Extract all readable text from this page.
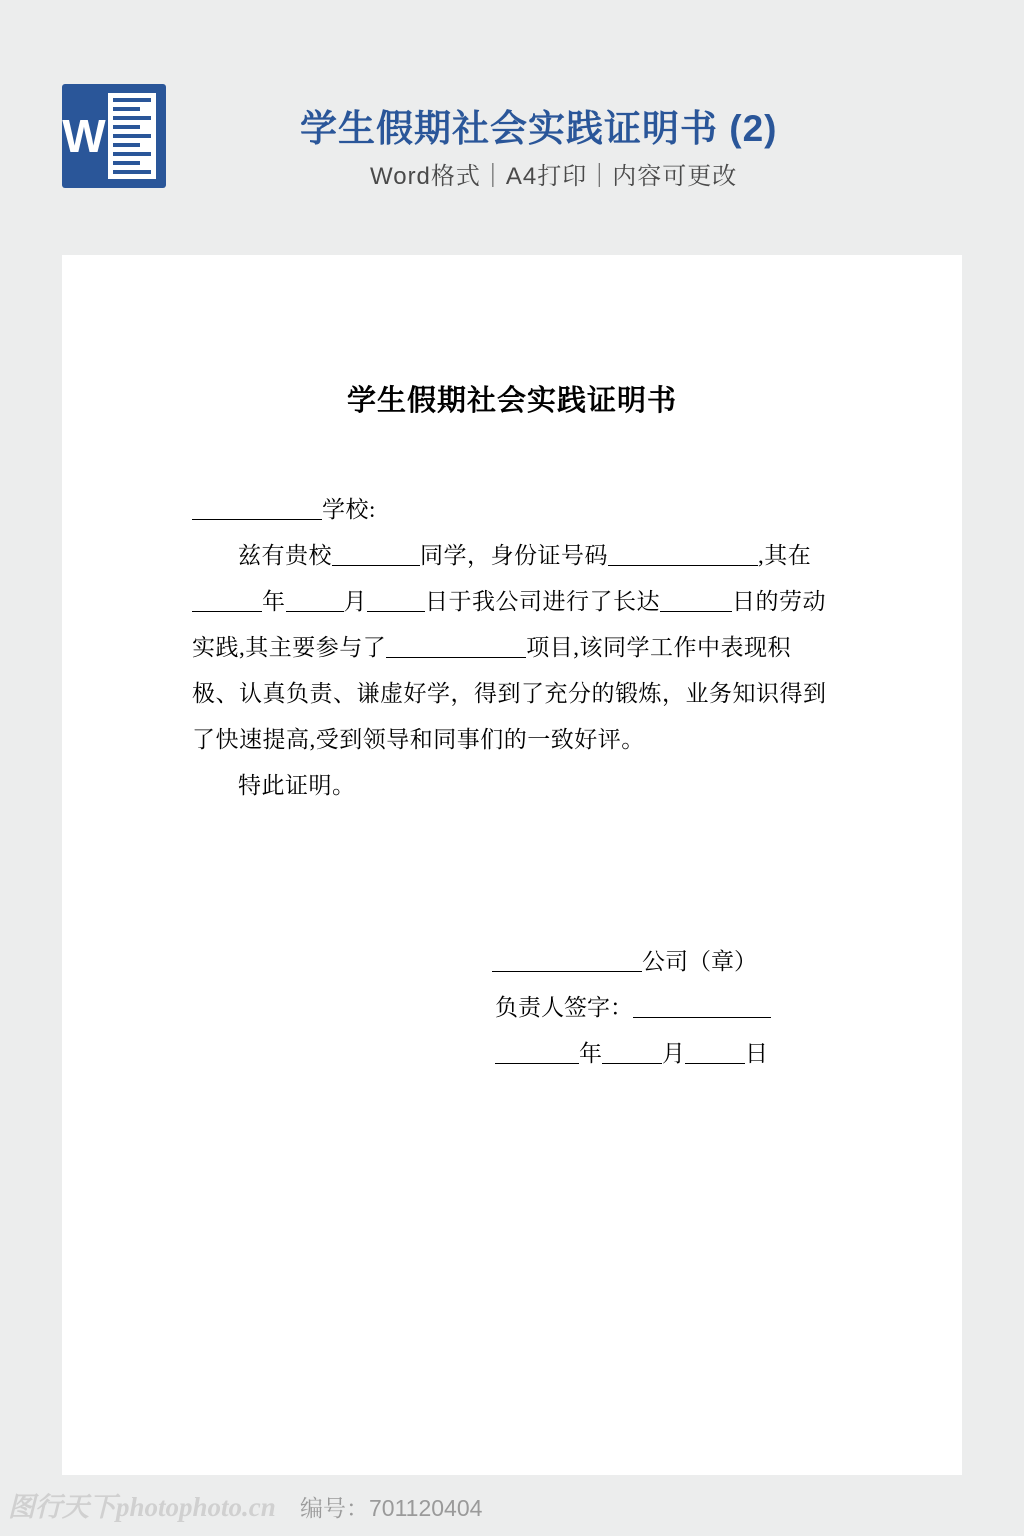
W	学生假期社会实践证明书 (2)
Word格式｜A4打印｜内容可更改
学生假期社会实践证明书

学校:

兹有贵校	同学，身份证号码	,其在年	月	日于我公司进行了长达	日的劳动实践,其主要参与了	项目,该同学工作中表现积极、认真负责、谦虚好学，得到了充分的锻炼，业务知识得到了快速提高,受到领导和同事们的一致好评。

特此证明。

公司（章）
负责人签字：
年	月	日
图行天下photophoto.cn 编号：701120404
